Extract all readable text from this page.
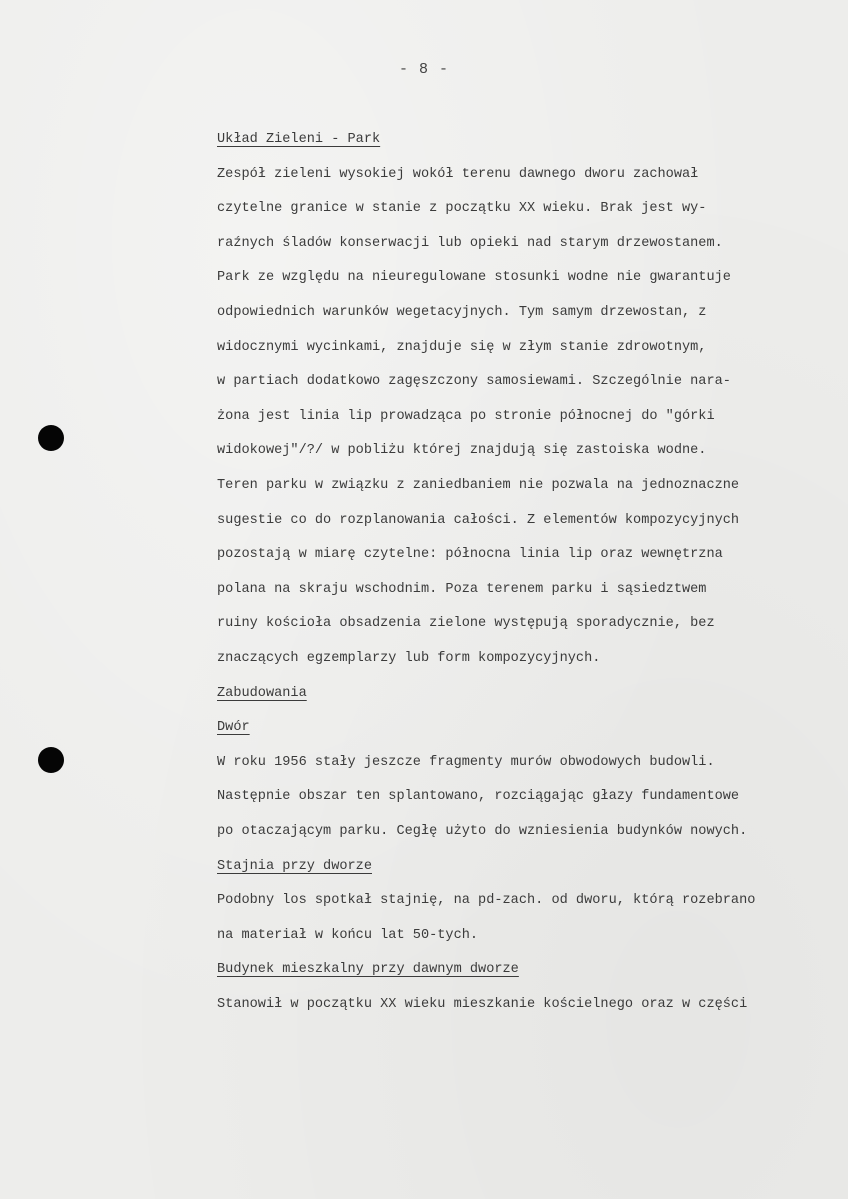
- 8 -
Układ Zieleni - Park
Zespół zieleni wysokiej wokół terenu dawnego dworu zachował
czytelne granice w stanie z początku XX wieku. Brak jest wy-
raźnych śladów konserwacji lub opieki nad starym drzewostanem.
Park ze względu na nieuregulowane stosunki wodne nie gwarantuje
odpowiednich warunków wegetacyjnych. Tym samym drzewostan, z
widocznymi wycinkami, znajduje się w złym stanie zdrowotnym,
w partiach dodatkowo zagęszczony samosiewami. Szczególnie nara-
żona jest linia lip prowadząca po stronie północnej do "górki
widokowej"/?/ w pobliżu której znajdują się zastoiska wodne.
Teren parku w związku z zaniedbaniem nie pozwala na jednoznaczne
sugestie co do rozplanowania całości. Z elementów kompozycyjnych
pozostają w miarę czytelne: północna linia lip oraz wewnętrzna
polana na skraju wschodnim. Poza terenem parku i sąsiedztwem
ruiny kościoła obsadzenia zielone występują sporadycznie, bez
znaczących egzemplarzy lub form kompozycyjnych.
Zabudowania
Dwór
W roku 1956 stały jeszcze fragmenty murów obwodowych budowli.
Następnie obszar ten splantowano, rozciągając głazy fundamentowe
po otaczającym parku. Cegłę użyto do wzniesienia budynków nowych.
Stajnia przy dworze
Podobny los spotkał stajnię, na pd-zach. od dworu, którą rozebrano
na materiał w końcu lat 50-tych.
Budynek mieszkalny przy dawnym dworze
Stanowił w początku XX wieku mieszkanie kościelnego oraz w części
